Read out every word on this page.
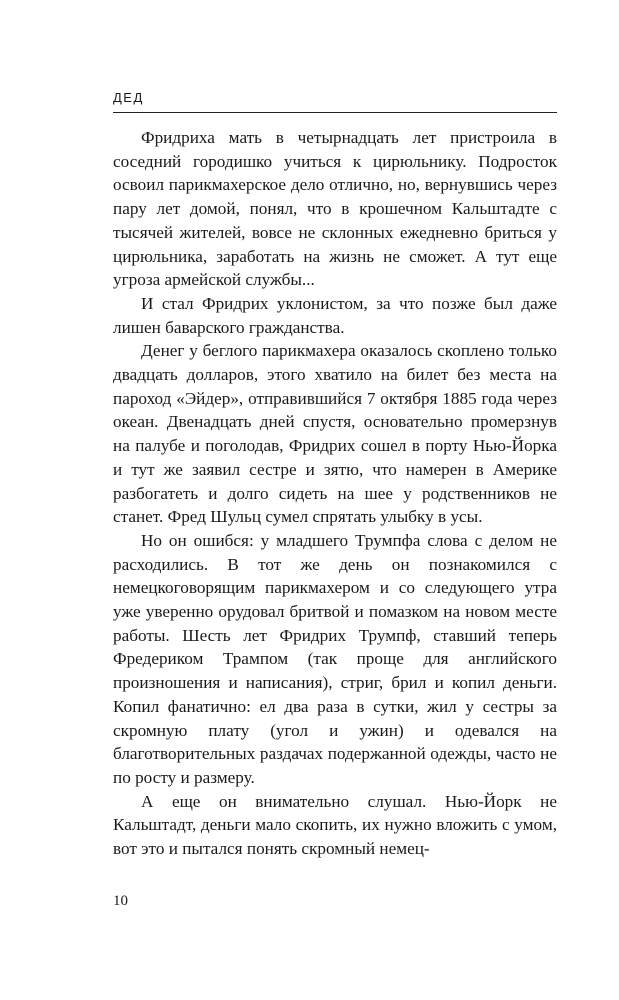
ДЕД

Фридриха мать в четырнадцать лет пристроила в соседний городишко учиться к цирюльнику. Подросток освоил парикмахерское дело отлично, но, вернувшись через пару лет домой, понял, что в крошечном Кальштадте с тысячей жителей, вовсе не склонных ежедневно бриться у цирюльника, заработать на жизнь не сможет. А тут еще угроза армейской службы...

И стал Фридрих уклонистом, за что позже был даже лишен баварского гражданства.

Денег у беглого парикмахера оказалось скоплено только двадцать долларов, этого хватило на билет без места на пароход «Эйдер», отправившийся 7 октября 1885 года через океан. Двенадцать дней спустя, основательно промерзнув на палубе и поголодав, Фридрих сошел в порту Нью-Йорка и тут же заявил сестре и зятю, что намерен в Америке разбогатеть и долго сидеть на шее у родственников не станет. Фред Шульц сумел спрятать улыбку в усы.

Но он ошибся: у младшего Трумпфа слова с делом не расходились. В тот же день он познакомился с немецкоговорящим парикмахером и со следующего утра уже уверенно орудовал бритвой и помазком на новом месте работы. Шесть лет Фридрих Трумпф, ставший теперь Фредериком Трампом (так проще для английского произношения и написания), стриг, брил и копил деньги. Копил фанатично: ел два раза в сутки, жил у сестры за скромную плату (угол и ужин) и одевался на благотворительных раздачах подержанной одежды, часто не по росту и размеру.

А еще он внимательно слушал. Нью-Йорк не Кальштадт, деньги мало скопить, их нужно вложить с умом, вот это и пытался понять скромный немец-

10
